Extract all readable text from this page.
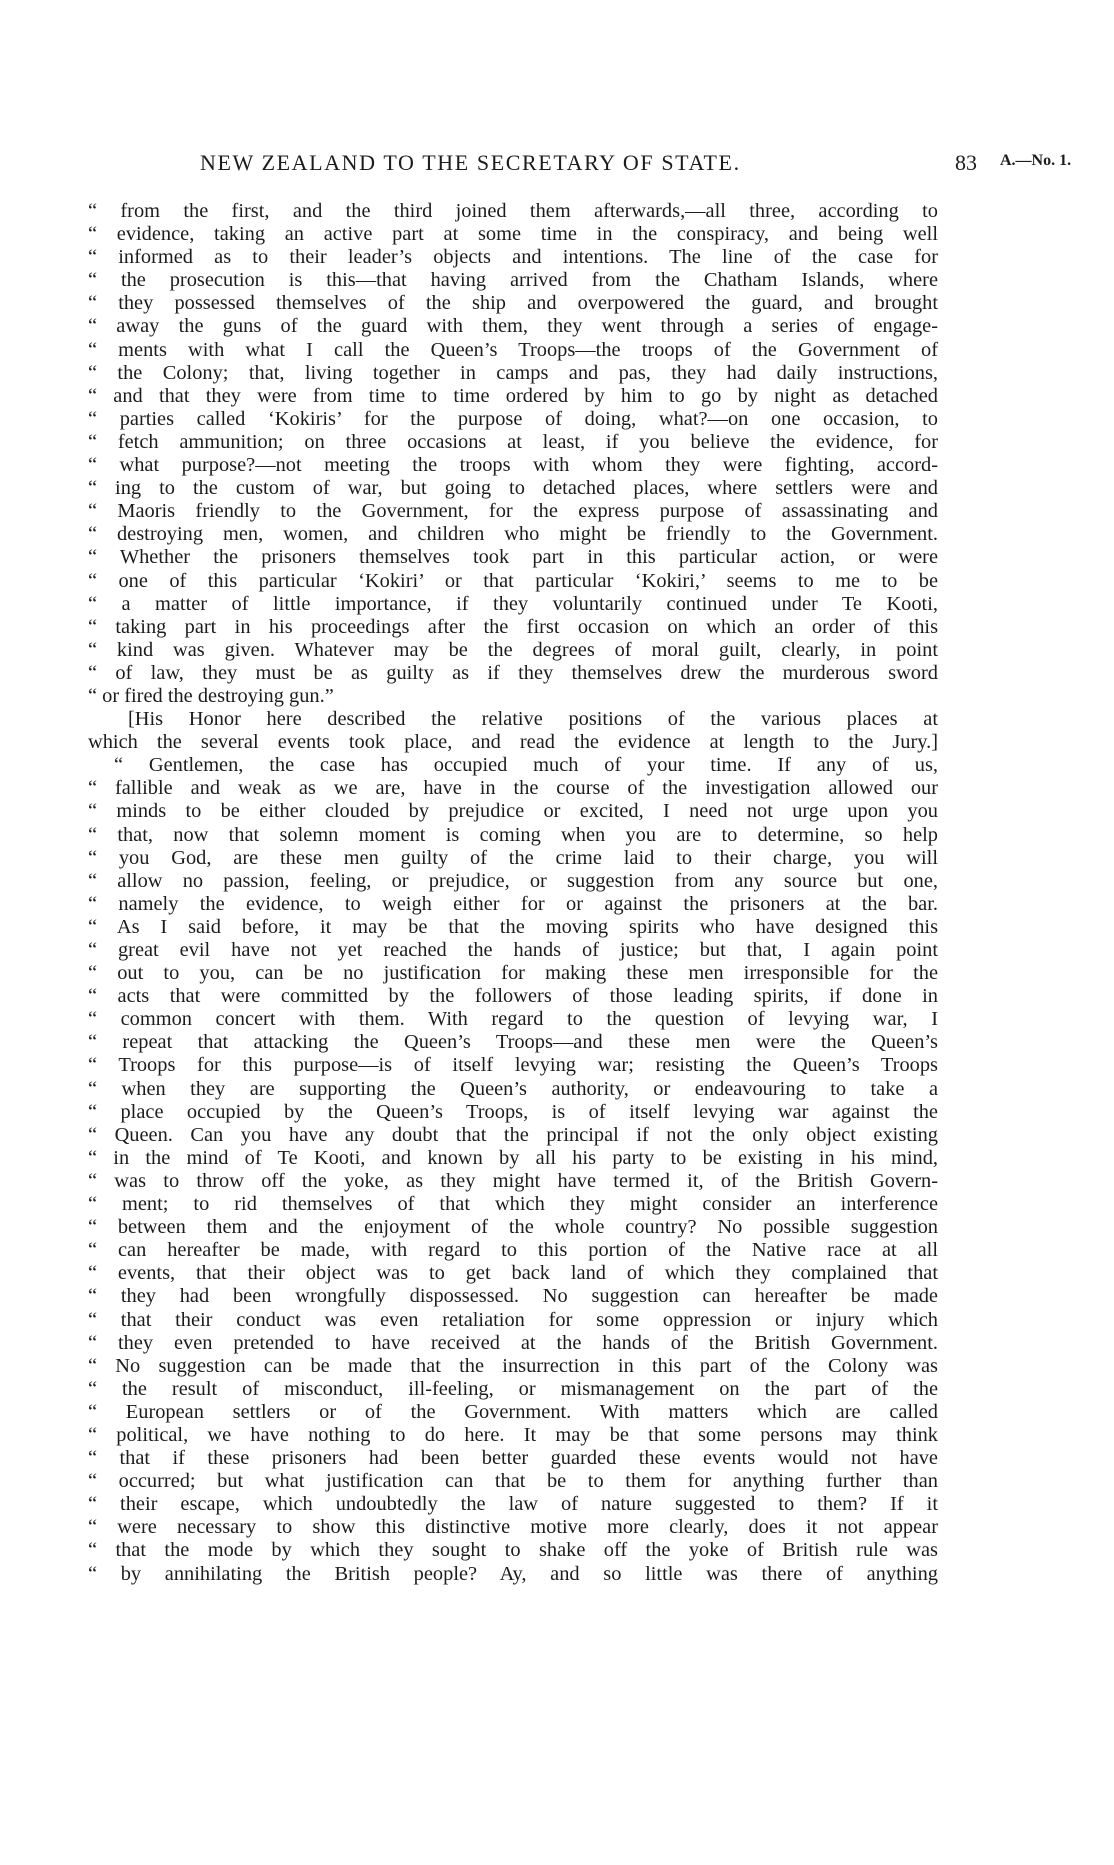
NEW ZEALAND TO THE SECRETARY OF STATE.	83 A.—No. 1.
“ from the first, and the third joined them afterwards,—all three, according to
“ evidence, taking an active part at some time in the conspiracy, and being well
“ informed as to their leader’s objects and intentions. The line of the case for
“ the prosecution is this—that having arrived from the Chatham Islands, where
“ they possessed themselves of the ship and overpowered the guard, and brought
“ away the guns of the guard with them, they went through a series of engage-
“ ments with what I call the Queen’s Troops—the troops of the Government of
“ the Colony; that, living together in camps and pas, they had daily instructions,
“ and that they were from time to time ordered by him to go by night as detached
“ parties called ‘Kokiris’ for the purpose of doing, what?—on one occasion, to
“ fetch ammunition; on three occasions at least, if you believe the evidence, for
“ what purpose?—not meeting the troops with whom they were fighting, accord-
“ ing to the custom of war, but going to detached places, where settlers were and
“ Maoris friendly to the Government, for the express purpose of assassinating and
“ destroying men, women, and children who might be friendly to the Government.
“ Whether the prisoners themselves took part in this particular action, or were
“ one of this particular ‘Kokiri’ or that particular ‘Kokiri,’ seems to me to be
“ a matter of little importance, if they voluntarily continued under Te Kooti,
“ taking part in his proceedings after the first occasion on which an order of this
“ kind was given. Whatever may be the degrees of moral guilt, clearly, in point
“ of law, they must be as guilty as if they themselves drew the murderous sword
“ or fired the destroying gun.”
[His Honor here described the relative positions of the various places at
which the several events took place, and read the evidence at length to the Jury.]
“ Gentlemen, the case has occupied much of your time. If any of us,
“ fallible and weak as we are, have in the course of the investigation allowed our
“ minds to be either clouded by prejudice or excited, I need not urge upon you
“ that, now that solemn moment is coming when you are to determine, so help
“ you God, are these men guilty of the crime laid to their charge, you will
“ allow no passion, feeling, or prejudice, or suggestion from any source but one,
“ namely the evidence, to weigh either for or against the prisoners at the bar.
“ As I said before, it may be that the moving spirits who have designed this
“ great evil have not yet reached the hands of justice; but that, I again point
“ out to you, can be no justification for making these men irresponsible for the
“ acts that were committed by the followers of those leading spirits, if done in
“ common concert with them. With regard to the question of levying war, I
“ repeat that attacking the Queen’s Troops—and these men were the Queen’s
“ Troops for this purpose—is of itself levying war; resisting the Queen’s Troops
“ when they are supporting the Queen’s authority, or endeavouring to take a
“ place occupied by the Queen’s Troops, is of itself levying war against the
“ Queen. Can you have any doubt that the principal if not the only object existing
“ in the mind of Te Kooti, and known by all his party to be existing in his mind,
“ was to throw off the yoke, as they might have termed it, of the British Govern-
“ ment; to rid themselves of that which they might consider an interference
“ between them and the enjoyment of the whole country? No possible suggestion
“ can hereafter be made, with regard to this portion of the Native race at all
“ events, that their object was to get back land of which they complained that
“ they had been wrongfully dispossessed. No suggestion can hereafter be made
“ that their conduct was even retaliation for some oppression or injury which
“ they even pretended to have received at the hands of the British Government.
“ No suggestion can be made that the insurrection in this part of the Colony was
“ the result of misconduct, ill-feeling, or mismanagement on the part of the
“ European settlers or of the Government. With matters which are called
“ political, we have nothing to do here. It may be that some persons may think
“ that if these prisoners had been better guarded these events would not have
“ occurred; but what justification can that be to them for anything further than
“ their escape, which undoubtedly the law of nature suggested to them? If it
“ were necessary to show this distinctive motive more clearly, does it not appear
“ that the mode by which they sought to shake off the yoke of British rule was
“ by annihilating the British people? Ay, and so little was there of anything
